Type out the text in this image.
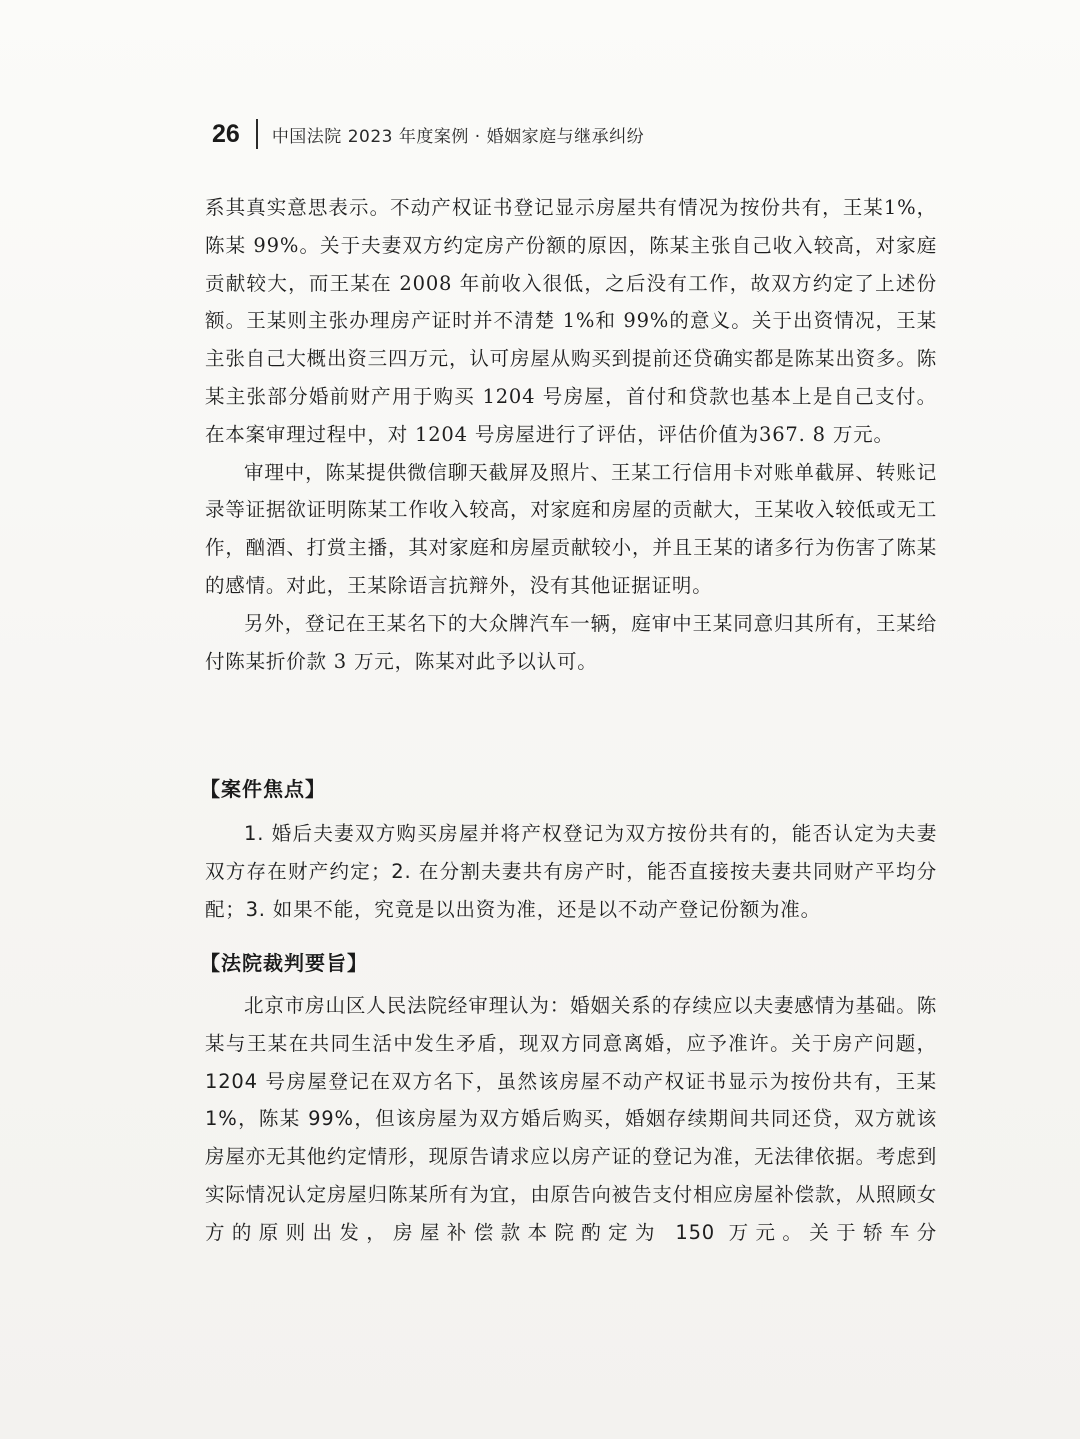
26 中国法院 2023 年度案例 · 婚姻家庭与继承纠纷

系其真实意思表示。不动产权证书登记显示房屋共有情况为按份共有，王某1%，陈某 99%。关于夫妻双方约定房产份额的原因，陈某主张自己收入较高，对家庭贡献较大，而王某在 2008 年前收入很低，之后没有工作，故双方约定了上述份额。王某则主张办理房产证时并不清楚 1%和 99%的意义。关于出资情况，王某主张自己大概出资三四万元，认可房屋从购买到提前还贷确实都是陈某出资多。陈某主张部分婚前财产用于购买 1204 号房屋，首付和贷款也基本上是自己支付。在本案审理过程中，对 1204 号房屋进行了评估，评估价值为367. 8 万元。

审理中，陈某提供微信聊天截屏及照片、王某工行信用卡对账单截屏、转账记录等证据欲证明陈某工作收入较高，对家庭和房屋的贡献大，王某收入较低或无工作，酗酒、打赏主播，其对家庭和房屋贡献较小，并且王某的诸多行为伤害了陈某的感情。对此，王某除语言抗辩外，没有其他证据证明。

另外，登记在王某名下的大众牌汽车一辆，庭审中王某同意归其所有，王某给付陈某折价款 3 万元，陈某对此予以认可。

【案件焦点】

1. 婚后夫妻双方购买房屋并将产权登记为双方按份共有的，能否认定为夫妻双方存在财产约定；2. 在分割夫妻共有房产时，能否直接按夫妻共同财产平均分配；3. 如果不能，究竟是以出资为准，还是以不动产登记份额为准。

【法院裁判要旨】

北京市房山区人民法院经审理认为：婚姻关系的存续应以夫妻感情为基础。陈某与王某在共同生活中发生矛盾，现双方同意离婚，应予准许。关于房产问题，1204 号房屋登记在双方名下，虽然该房屋不动产权证书显示为按份共有，王某 1%，陈某 99%，但该房屋为双方婚后购买，婚姻存续期间共同还贷，双方就该房屋亦无其他约定情形，现原告请求应以房产证的登记为准，无法律依据。考虑到实际情况认定房屋归陈某所有为宜，由原告向被告支付相应房屋补偿款，从照顾女方的原则出发，房屋补偿款本院酌定为 150 万元。关于轿车分
